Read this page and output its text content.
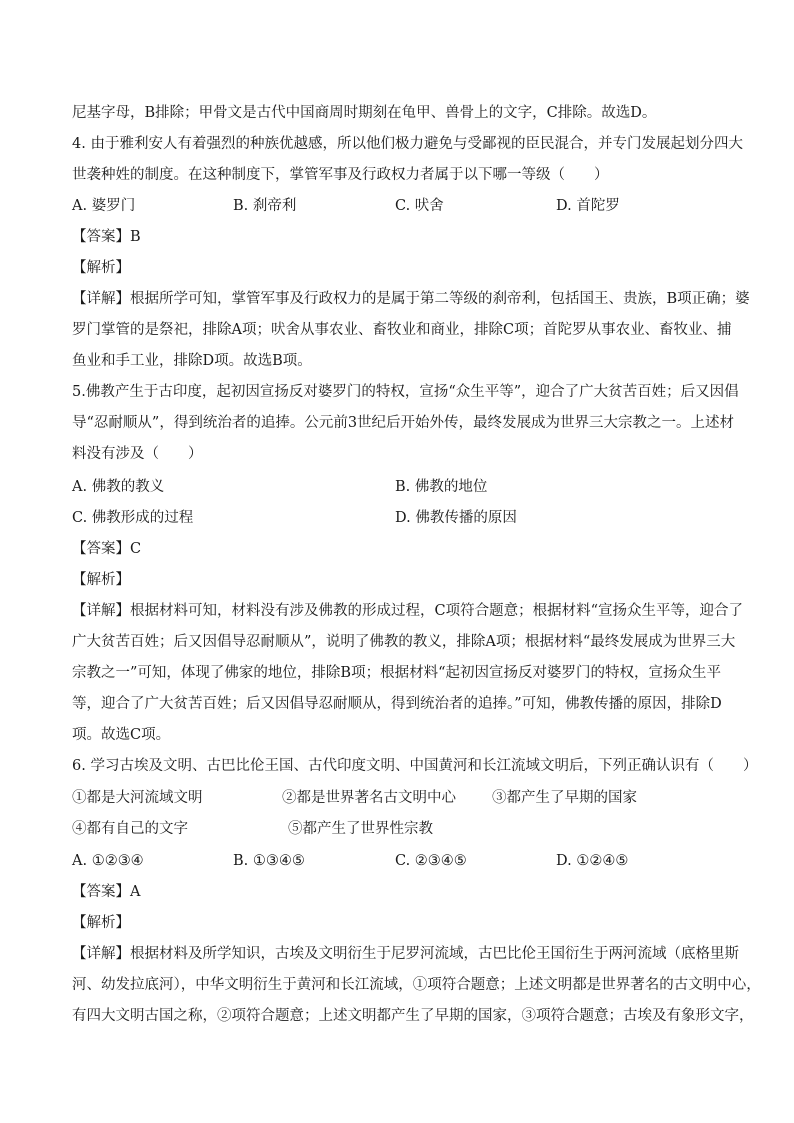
尼基字母，B排除；甲骨文是古代中国商周时期刻在龟甲、兽骨上的文字，C排除。故选D。
4. 由于雅利安人有着强烈的种族优越感，所以他们极力避免与受鄙视的臣民混合，并专门发展起划分四大
世袭种姓的制度。在这种制度下，掌管军事及行政权力者属于以下哪一等级（　　）
A. 婆罗门	B. 刹帝利	C. 吠舍	D. 首陀罗
【答案】B
【解析】
【详解】根据所学可知，掌管军事及行政权力的是属于第二等级的刹帝利，包括国王、贵族，B项正确；婆
罗门掌管的是祭祀，排除A项；吠舍从事农业、畜牧业和商业，排除C项；首陀罗从事农业、畜牧业、捕
鱼业和手工业，排除D项。故选B项。
5.佛教产生于古印度，起初因宣扬反对婆罗门的特权，宣扬“众生平等”，迎合了广大贫苦百姓；后又因倡
导“忍耐顺从”，得到统治者的追捧。公元前3世纪后开始外传，最终发展成为世界三大宗教之一。上述材
料没有涉及（　　）
A. 佛教的教义	B. 佛教的地位
C. 佛教形成的过程	D. 佛教传播的原因
【答案】C
【解析】
【详解】根据材料可知，材料没有涉及佛教的形成过程，C项符合题意；根据材料“宣扬众生平等，迎合了
广大贫苦百姓；后又因倡导忍耐顺从”，说明了佛教的教义，排除A项；根据材料“最终发展成为世界三大
宗教之一”可知，体现了佛家的地位，排除B项；根据材料“起初因宣扬反对婆罗门的特权，宣扬众生平
等，迎合了广大贫苦百姓；后又因倡导忍耐顺从，得到统治者的追捧。”可知，佛教传播的原因，排除D
项。故选C项。
6. 学习古埃及文明、古巴比伦王国、古代印度文明、中国黄河和长江流域文明后，下列正确认识有（　　）
①都是大河流域文明	②都是世界著名古文明中心 ③都产生了早期的国家
④都有自己的文字	⑤都产生了世界性宗教
A. ①②③④	B. ①③④⑤	C. ②③④⑤	D. ①②④⑤
【答案】A
【解析】
【详解】根据材料及所学知识，古埃及文明衍生于尼罗河流域，古巴比伦王国衍生于两河流域（底格里斯
河、幼发拉底河），中华文明衍生于黄河和长江流域，①项符合题意；上述文明都是世界著名的古文明中心，
有四大文明古国之称，②项符合题意；上述文明都产生了早期的国家，③项符合题意；古埃及有象形文字，
